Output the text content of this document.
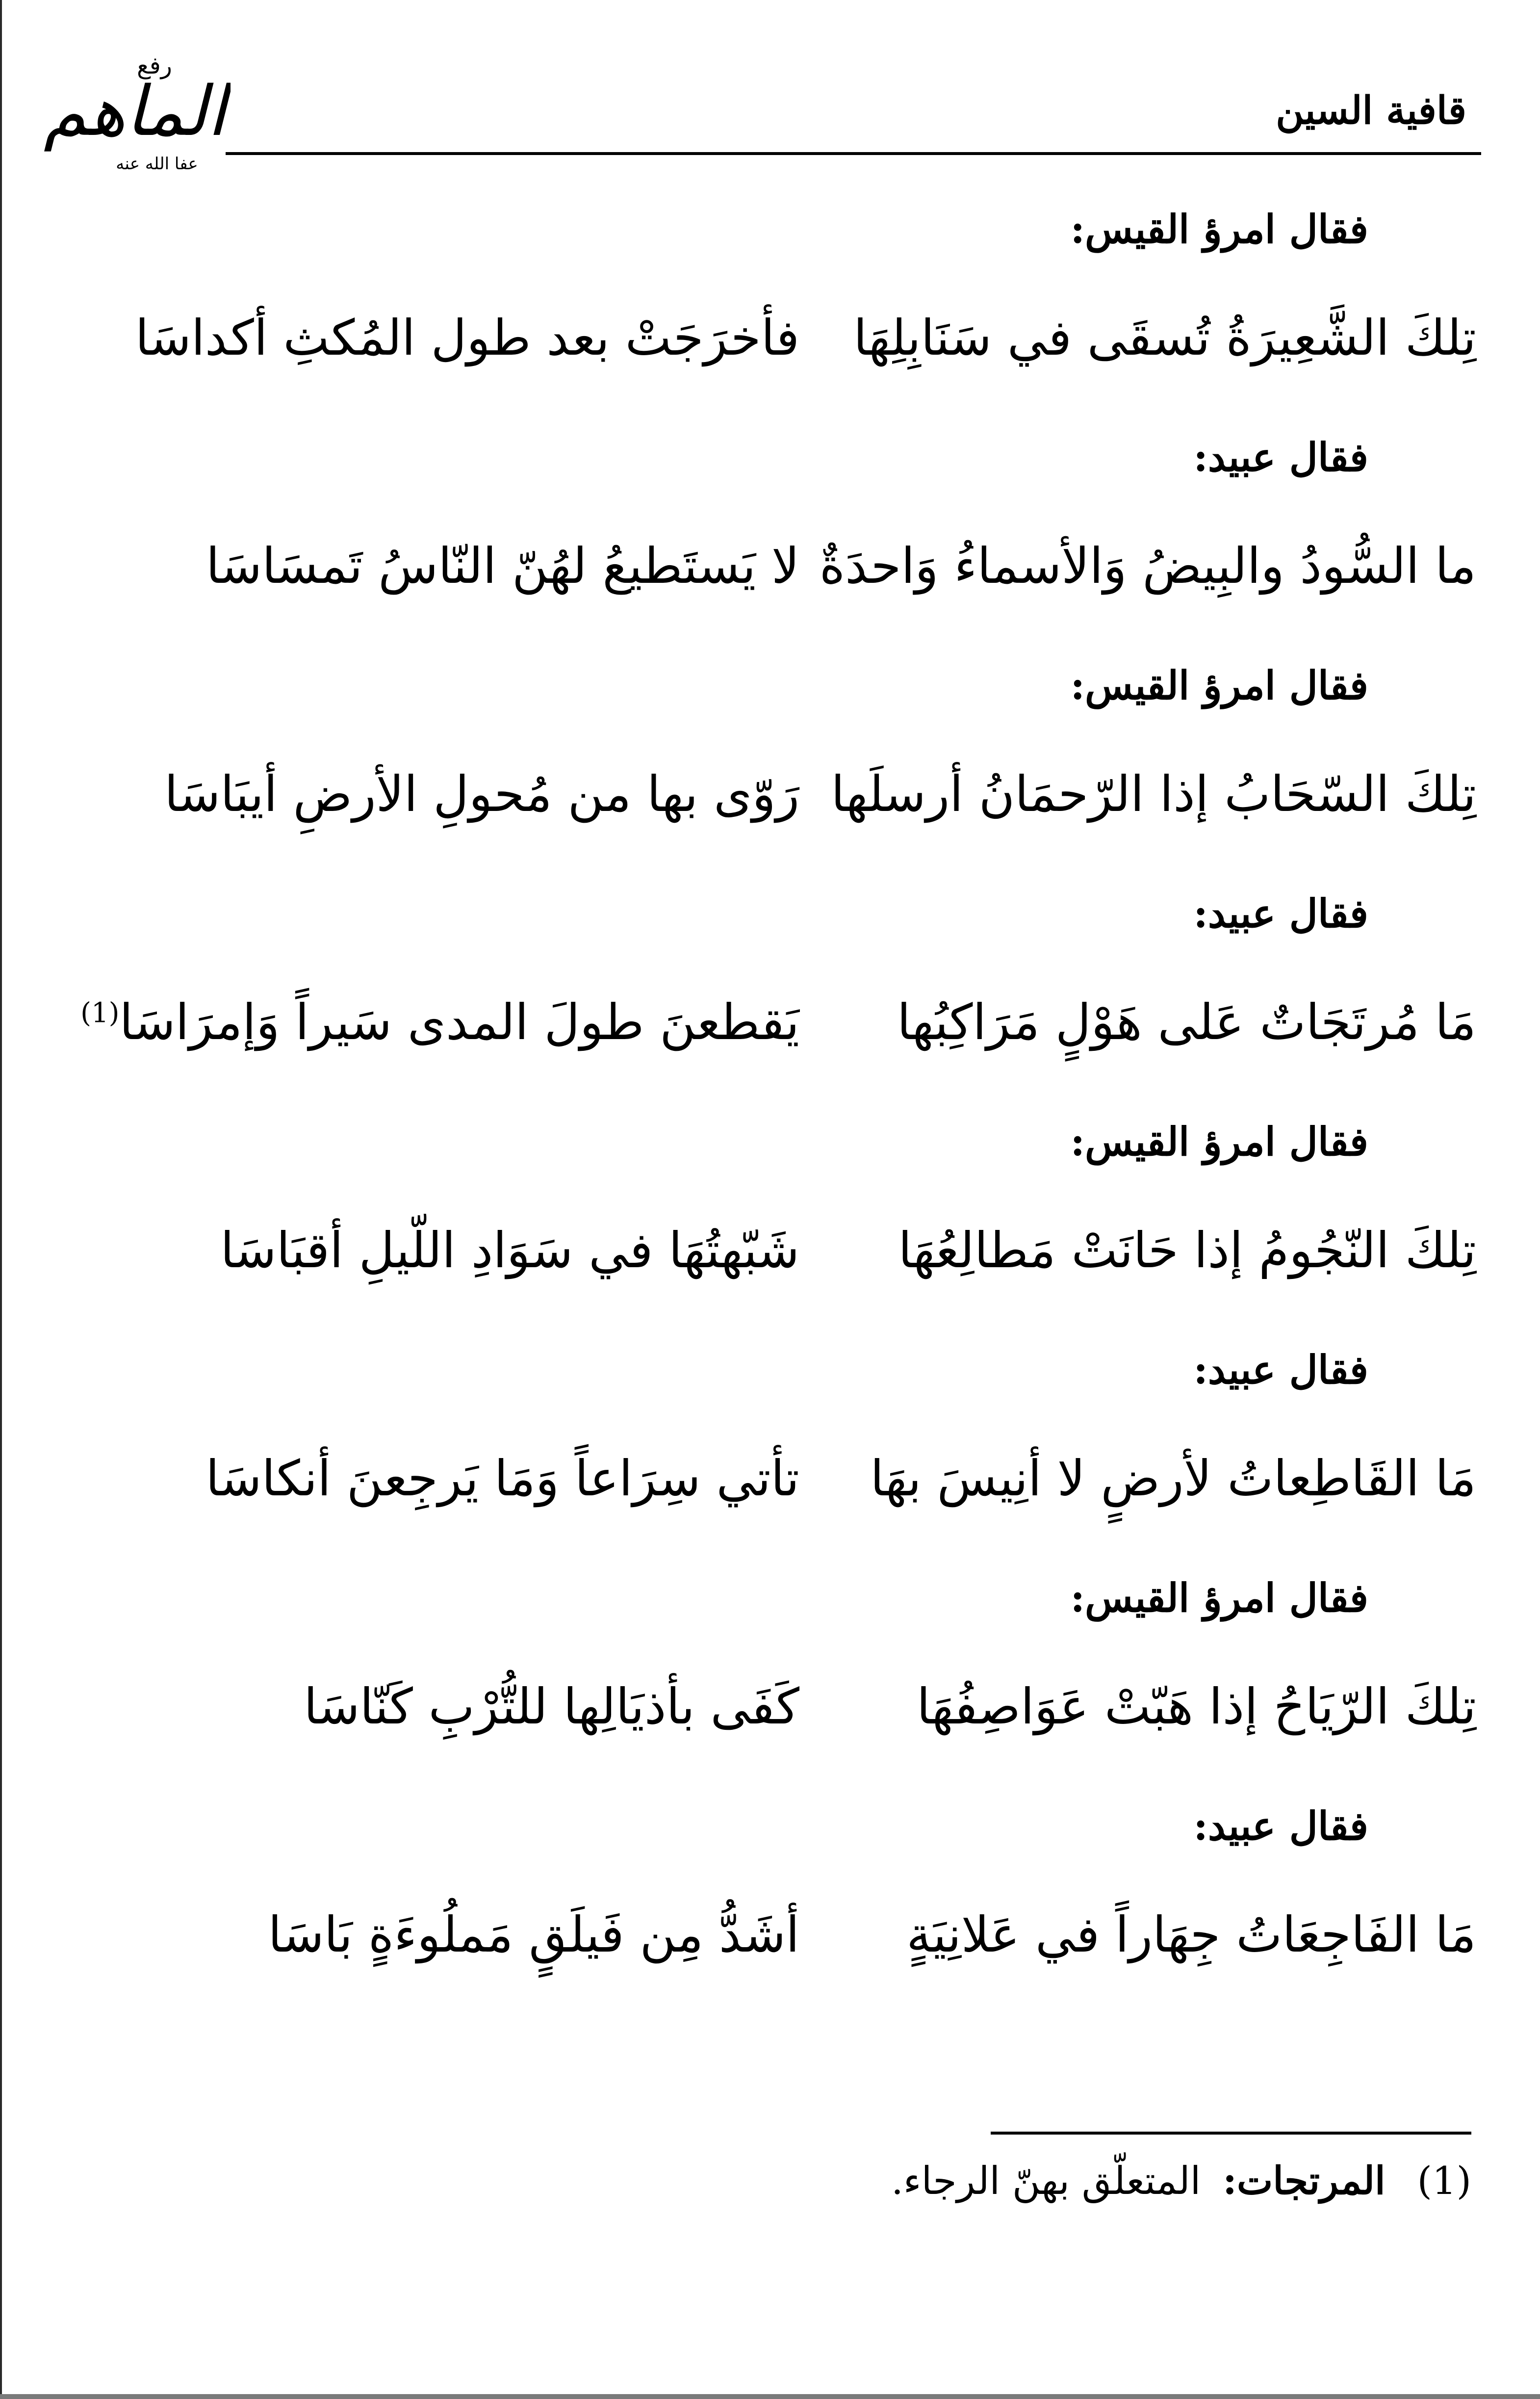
رفع
الماهم
عفا الله عنه
قافية السين
فقال امرؤ القيس:
تِلكَ الشَّعِيرَةُ تُسقَى في سَنَابِلِهَا
فأخرَجَتْ بعد طول المُكثِ أكداسَا
فقال عبيد:
ما السُّودُ والبِيضُ وَالأسماءُ وَاحدَةٌ
لا يَستَطيعُ لهُنّ النّاسُ تَمسَاسَا
فقال امرؤ القيس:
تِلكَ السّحَابُ إذا الرّحمَانُ أرسلَها
رَوّى بها من مُحولِ الأرضِ أيبَاسَا
فقال عبيد:
مَا مُرتَجَاتٌ عَلى هَوْلٍ مَرَاكِبُها
يَقطعنَ طولَ المدى سَيراً وَإمرَاسَا$^{(1)}$
فقال امرؤ القيس:
تِلكَ النّجُومُ إذا حَانَتْ مَطالِعُهَا
شَبّهتُهَا في سَوَادِ اللّيلِ أقبَاسَا
فقال عبيد:
مَا القَاطِعاتُ لأرضٍ لا أنِيسَ بهَا
تأتي سِرَاعاً وَمَا يَرجِعنَ أنكاسَا
فقال امرؤ القيس:
تِلكَ الرّيَاحُ إذا هَبّتْ عَوَاصِفُهَا
كَفَى بأذيَالِها للتُّرْبِ كَنّاسَا
فقال عبيد:
مَا الفَاجِعَاتُ جِهَاراً في عَلانِيَةٍ
أشَدُّ مِن فَيلَقٍ مَملُوءَةٍ بَاسَا
(1) المرتجات: المتعلّق بهنّ الرجاء.
